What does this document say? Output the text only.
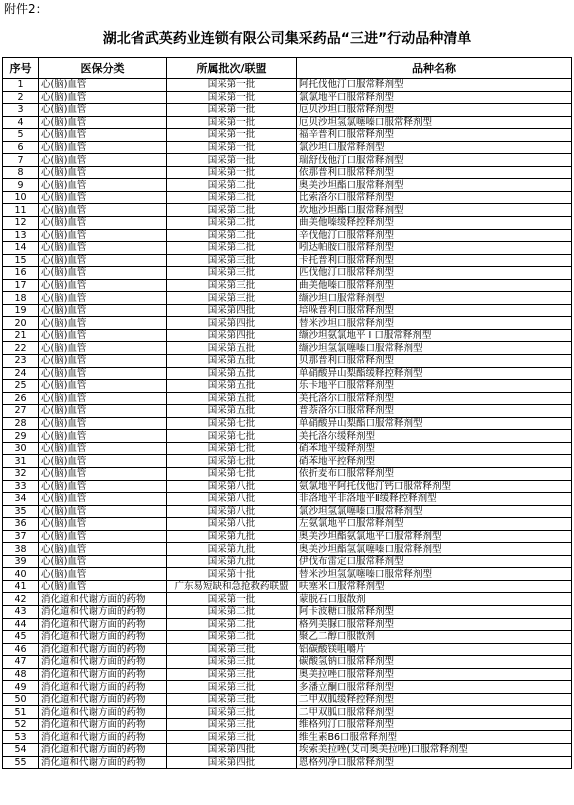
附件2：
湖北省武英药业连锁有限公司集采药品“三进”行动品种清单
序号	医保分类	所属批次/联盟	品种名称
1	心(脑)血管	国采第一批	阿托伐他汀口服常释剂型
2	心(脑)血管	国采第一批	氯氯地平口服常释剂型
3	心(脑)血管	国采第一批	厄贝沙坦口服常释剂型
4	心(脑)血管	国采第一批	厄贝沙坦氢氯噻嗪口服常释剂型
5	心(脑)血管	国采第一批	福辛普利口服常释剂型
6	心(脑)血管	国采第一批	氯沙坦口服常释剂型
7	心(脑)血管	国采第一批	瑞舒伐他汀口服常释剂型
8	心(脑)血管	国采第一批	依那普利口服常释剂型
9	心(脑)血管	国采第二批	奥美沙坦酯口服常释剂型
10	心(脑)血管	国采第二批	比索洛尔口服常释剂型
11	心(脑)血管	国采第二批	坎地沙坦酯口服常释剂型
12	心(脑)血管	国采第二批	曲美他嗪缓释控释剂型
13	心(脑)血管	国采第二批	辛伐他汀口服常释剂型
14	心(脑)血管	国采第二批	吲达帕胺口服常释剂型
15	心(脑)血管	国采第三批	卡托普利口服常释剂型
16	心(脑)血管	国采第三批	匹伐他汀口服常释剂型
17	心(脑)血管	国采第三批	曲美他嗪口服常释剂型
18	心(脑)血管	国采第三批	缬沙坦口服常释剂型
19	心(脑)血管	国采第四批	培哚普利口服常释剂型
20	心(脑)血管	国采第四批	替米沙坦口服常释剂型
21	心(脑)血管	国采第四批	缬沙坦氨氯地平 Ⅰ 口服常释剂型
22	心(脑)血管	国采第五批	缬沙坦氢氯噻嗪口服常释剂型
23	心(脑)血管	国采第五批	贝那普利口服常释剂型
24	心(脑)血管	国采第五批	单硝酸异山梨酯缓释控释剂型
25	心(脑)血管	国采第五批	乐卡地平口服常释剂型
26	心(脑)血管	国采第五批	美托洛尔口服常释剂型
27	心(脑)血管	国采第五批	普萘洛尔口服常释剂型
28	心(脑)血管	国采第七批	单硝酸异山梨酯口服常释剂型
29	心(脑)血管	国采第七批	美托洛尔缓释剂型
30	心(脑)血管	国采第七批	硝苯地平缓释剂型
31	心(脑)血管	国采第七批	硝苯地平控释剂型
32	心(脑)血管	国采第七批	依折麦布口服常释剂型
33	心(脑)血管	国采第八批	氨氯地平阿托伐他汀钙口服常释剂型
34	心(脑)血管	国采第八批	非洛地平非洛地平Ⅱ缓释控释剂型
35	心(脑)血管	国采第八批	氯沙坦氢氯噻嗪口服常释剂型
36	心(脑)血管	国采第八批	左氨氯地平口服常释剂型
37	心(脑)血管	国采第九批	奥美沙坦酯氨氯地平口服常释剂型
38	心(脑)血管	国采第九批	奥美沙坦酯氢氯噻嗪口服常释剂型
39	心(脑)血管	国采第九批	伊伐布雷定口服常释剂型
40	心(脑)血管	国采第十批	替米沙坦氢氯噻嗪口服常释剂型
41	心(脑)血管	广东易短缺和急抢救药联盟	呋塞米口服常释剂型
42	消化道和代谢方面的药物	国采第一批	蒙脱石口服散剂
43	消化道和代谢方面的药物	国采第二批	阿卡波糖口服常释剂型
44	消化道和代谢方面的药物	国采第二批	格列美脲口服常释剂型
45	消化道和代谢方面的药物	国采第二批	聚乙二醇口服散剂
46	消化道和代谢方面的药物	国采第三批	铝碳酸镁咀嚼片
47	消化道和代谢方面的药物	国采第三批	碳酸氢钠口服常释剂型
48	消化道和代谢方面的药物	国采第三批	奥美拉唑口服常释剂型
49	消化道和代谢方面的药物	国采第三批	多潘立酮口服常释剂型
50	消化道和代谢方面的药物	国采第三批	二甲双胍缓释控释剂型
51	消化道和代谢方面的药物	国采第三批	二甲双胍口服常释剂型
52	消化道和代谢方面的药物	国采第三批	维格列汀口服常释剂型
53	消化道和代谢方面的药物	国采第三批	维生素B6口服常释剂型
54	消化道和代谢方面的药物	国采第四批	埃索美拉唑(艾司奥美拉唑)口服常释剂型
55	消化道和代谢方面的药物	国采第四批	恩格列净口服常释剂型
